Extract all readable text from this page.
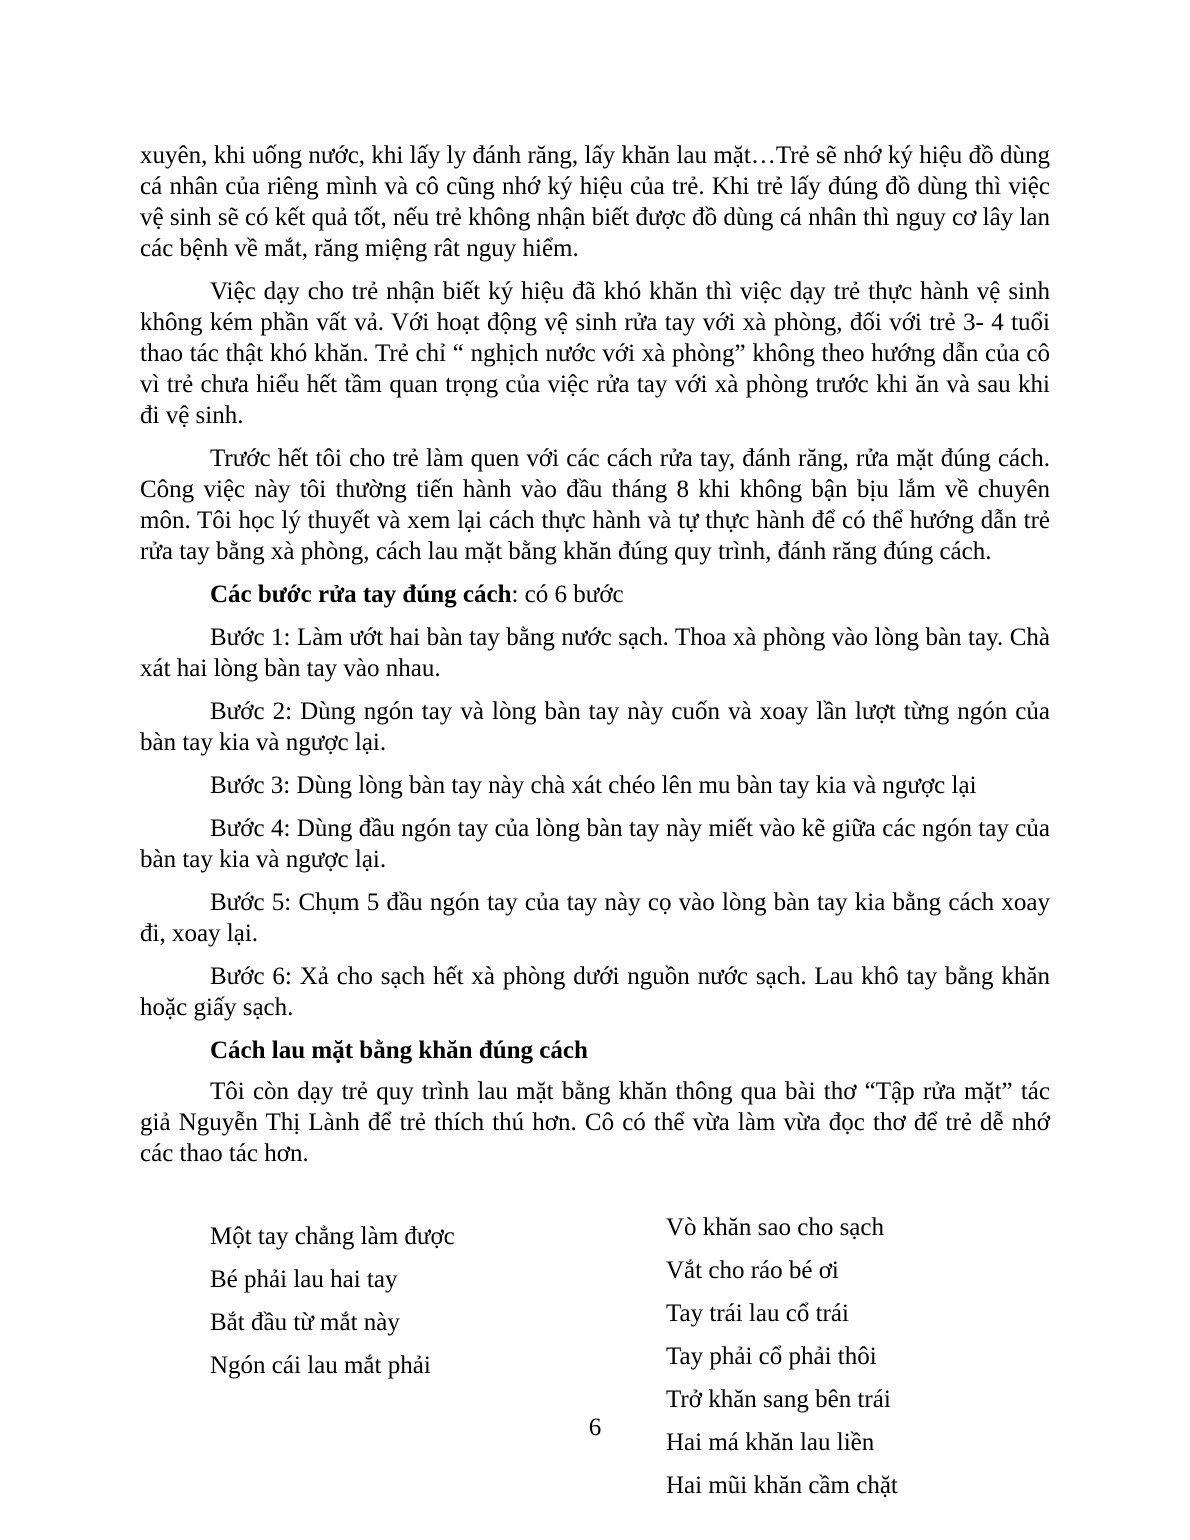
xuyên, khi uống nước, khi lấy ly đánh răng, lấy khăn lau mặt…Trẻ sẽ nhớ ký hiệu đồ dùng cá nhân của riêng mình và cô cũng nhớ ký hiệu của trẻ. Khi trẻ lấy đúng đồ dùng thì việc vệ sinh sẽ có kết quả tốt, nếu trẻ không nhận biết được đồ dùng cá nhân thì nguy cơ lây lan các bệnh về mắt, răng miệng rât nguy hiểm.

Việc dạy cho trẻ nhận biết ký hiệu đã khó khăn thì việc dạy trẻ thực hành vệ sinh không kém phần vất vả. Với hoạt động vệ sinh rửa tay với xà phòng, đối với trẻ 3- 4 tuổi thao tác thật khó khăn. Trẻ chỉ “ nghịch nước với xà phòng” không theo hướng dẫn của cô vì trẻ chưa hiểu hết tầm quan trọng của việc rửa tay với xà phòng trước khi ăn và sau khi đi vệ sinh.

Trước hết tôi cho trẻ làm quen với các cách rửa tay, đánh răng, rửa mặt đúng cách. Công việc này tôi thường tiến hành vào đầu tháng 8 khi không bận bịu lắm về chuyên môn. Tôi học lý thuyết và xem lại cách thực hành và tự thực hành để có thể hướng dẫn trẻ rửa tay bằng xà phòng, cách lau mặt bằng khăn đúng quy trình, đánh răng đúng cách.

Các bước rửa tay đúng cách: có 6 bước

Bước 1: Làm ướt hai bàn tay bằng nước sạch. Thoa xà phòng vào lòng bàn tay. Chà xát hai lòng bàn tay vào nhau.

Bước 2: Dùng ngón tay và lòng bàn tay này cuốn và xoay lần lượt từng ngón của bàn tay kia và ngược lại.

Bước 3: Dùng lòng bàn tay này chà xát chéo lên mu bàn tay kia và ngược lại

Bước 4: Dùng đầu ngón tay của lòng bàn tay này miết vào kẽ giữa các ngón tay của bàn tay kia và ngược lại.

Bước 5: Chụm 5 đầu ngón tay của tay này cọ vào lòng bàn tay kia bằng cách xoay đi, xoay lại.

Bước 6: Xả cho sạch hết xà phòng dưới nguồn nước sạch. Lau khô tay bằng khăn hoặc giấy sạch.

Cách lau mặt bằng khăn đúng cách

Tôi còn dạy trẻ quy trình lau mặt bằng khăn thông qua bài thơ “Tập rửa mặt” tác giả Nguyễn Thị Lành để trẻ thích thú hơn. Cô có thể vừa làm vừa đọc thơ để trẻ dễ nhớ các thao tác hơn.

Một tay chẳng làm được
Bé phải lau hai tay
Bắt đầu từ mắt này
Ngón cái lau mắt phải
Vò khăn sao cho sạch
Vắt cho ráo bé ơi
Tay trái lau cổ trái
Tay phải cổ phải thôi
Trở khăn sang bên trái
Hai má khăn lau liền
Hai mũi khăn cầm chặt
6
